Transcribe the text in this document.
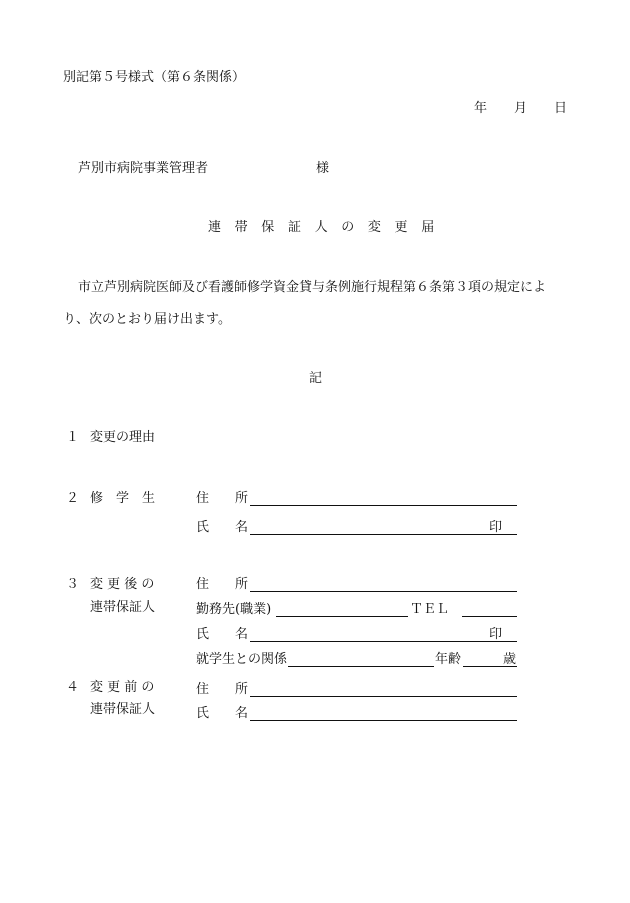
別記第５号様式（第６条関係）
年 月 日
芦別市病院事業管理者	様
連帯保証人の変更届
市立芦別病院医師及び看護師修学資金貸与条例施行規程第６条第３項の規定によ
り、次のとおり届け出ます。
記
１ 変更の理由
２ 修　学　生	住　　所
氏　　名	印
３ 変 更 後 の
連帯保証人
住　　所
勤務先(職業)	ＴＥＬ
氏　　名	印
就学生との関係	年齢	歳
４ 変 更 前 の
連帯保証人
住　　所
氏　　名
